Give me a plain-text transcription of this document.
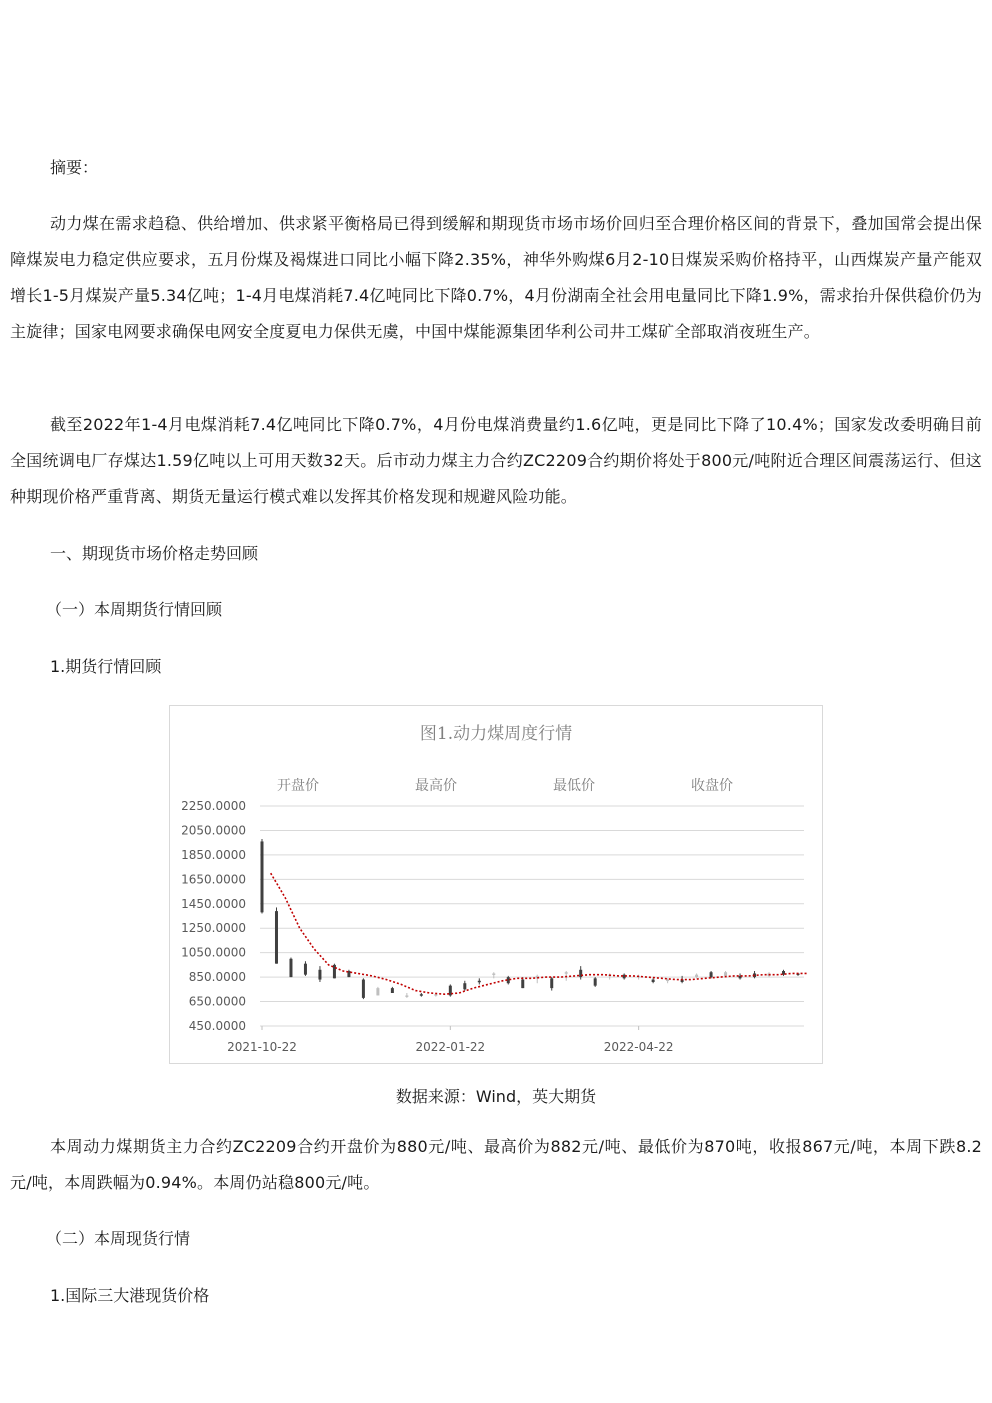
摘要：

动力煤在需求趋稳、供给增加、供求紧平衡格局已得到缓解和期现货市场市场价回归至合理价格区间的背景下，叠加国常会提出保障煤炭电力稳定供应要求，五月份煤及褐煤进口同比小幅下降2.35%，神华外购煤6月2-10日煤炭采购价格持平，山西煤炭产量产能双增长1-5月煤炭产量5.34亿吨；1-4月电煤消耗7.4亿吨同比下降0.7%，4月份湖南全社会用电量同比下降1.9%，需求抬升保供稳价仍为主旋律；国家电网要求确保电网安全度夏电力保供无虞，中国中煤能源集团华利公司井工煤矿全部取消夜班生产。

截至2022年1-4月电煤消耗7.4亿吨同比下降0.7%，4月份电煤消费量约1.6亿吨，更是同比下降了10.4%；国家发改委明确目前全国统调电厂存煤达1.59亿吨以上可用天数32天。后市动力煤主力合约ZC2209合约期价将处于800元/吨附近合理区间震荡运行、但这种期现价格严重背离、期货无量运行模式难以发挥其价格发现和规避风险功能。

一、期现货市场价格走势回顾

（一）本周期货行情回顾

1.期货行情回顾

图1.动力煤周度行情
开盘价	最高价	最低价	收盘价
2250.0000
2050.0000
1850.0000
1650.0000
1450.0000
1250.0000
1050.0000
850.0000
650.0000
450.0000
2021-10-22	2022-01-22	2022-04-22
数据来源：Wind，英大期货

本周动力煤期货主力合约ZC2209合约开盘价为880元/吨、最高价为882元/吨、最低价为870吨，收报867元/吨，本周下跌8.2元/吨，本周跌幅为0.94%。本周仍站稳800元/吨。

（二）本周现货行情

1.国际三大港现货价格
